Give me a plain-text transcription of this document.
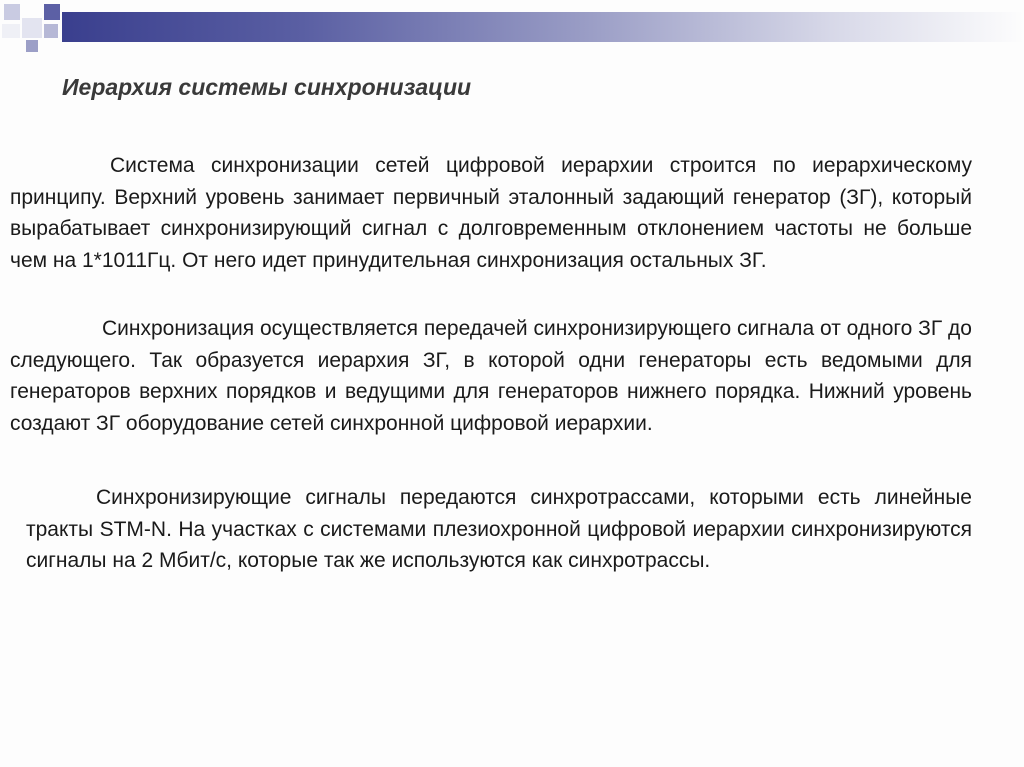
Иерархия системы синхронизации

Система синхронизации сетей цифровой иерархии строится по иерархическому принципу. Верхний уровень занимает первичный эталонный задающий генератор (ЗГ), который вырабатывает синхронизирующий сигнал с долговременным отклонением частоты не больше чем на 1*1011Гц. От него идет принудительная синхронизация остальных ЗГ.

Синхронизация осуществляется передачей синхронизирующего сигнала от одного ЗГ до следующего. Так образуется иерархия ЗГ, в которой одни генераторы есть ведомыми для генераторов верхних порядков и ведущими для генераторов нижнего порядка. Нижний уровень создают ЗГ оборудование сетей синхронной цифровой иерархии.

Синхронизирующие сигналы передаются синхротрассами, которыми есть линейные тракты STM-N. На участках с системами плезиохронной цифровой иерархии синхронизируются сигналы на 2 Мбит/с, которые так же используются как синхротрассы.
